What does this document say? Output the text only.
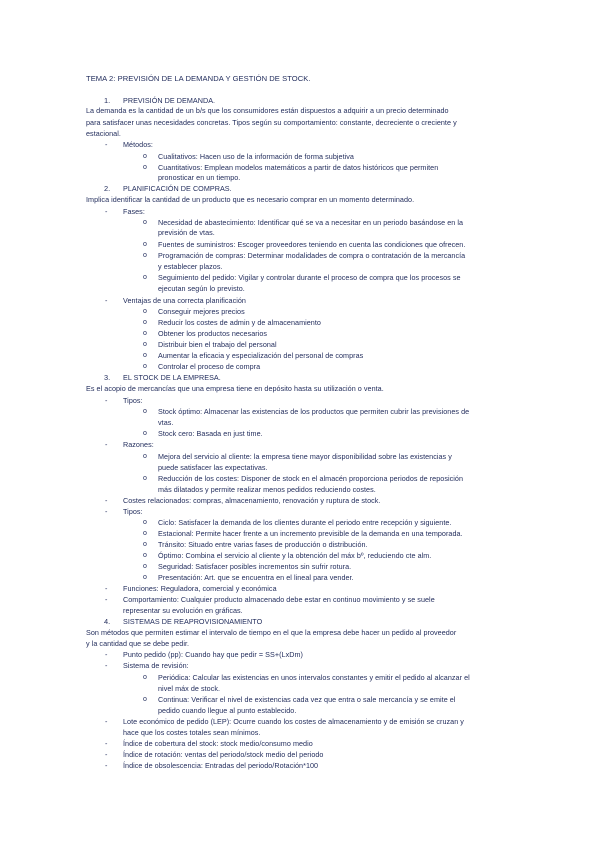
TEMA 2: PREVISIÓN DE LA DEMANDA Y GESTIÓN DE STOCK.
1. PREVISIÓN DE DEMANDA.
La demanda es la cantidad de un b/s que los consumidores están dispuestos a adquirir a un precio determinado
para satisfacer unas necesidades concretas. Tipos según su comportamiento: constante, decreciente o creciente y
estacional.
- Métodos:
o Cualitativos: Hacen uso de la información de forma subjetiva
o Cuantitativos: Emplean modelos matemáticos a partir de datos históricos que permiten
pronosticar en un tiempo.
2. PLANIFICACIÓN DE COMPRAS.
Implica identificar la cantidad de un producto que es necesario comprar en un momento determinado.
- Fases:
o Necesidad de abastecimiento: Identificar qué se va a necesitar en un periodo basándose en la
previsión de vtas.
o Fuentes de suministros: Escoger proveedores teniendo en cuenta las condiciones que ofrecen.
o Programación de compras: Determinar modalidades de compra o contratación de la mercancía
y establecer plazos.
o Seguimiento del pedido: Vigilar y controlar durante el proceso de compra que los procesos se
ejecutan según lo previsto.
- Ventajas de una correcta planificación
o Conseguir mejores precios
o Reducir los costes de admin y de almacenamiento
o Obtener los productos necesarios
o Distribuir bien el trabajo del personal
o Aumentar la eficacia y especialización del personal de compras
o Controlar el proceso de compra
3. EL STOCK DE LA EMPRESA.
Es el acopio de mercancías que una empresa tiene en depósito hasta su utilización o venta.
- Tipos:
o Stock óptimo: Almacenar las existencias de los productos que permiten cubrir las previsiones de
vtas.
o Stock cero: Basada en just time.
- Razones:
o Mejora del servicio al cliente: la empresa tiene mayor disponibilidad sobre las existencias y
puede satisfacer las expectativas.
o Reducción de los costes: Disponer de stock en el almacén proporciona periodos de reposición
más dilatados y permite realizar menos pedidos reduciendo costes.
- Costes relacionados: compras, almacenamiento, renovación y ruptura de stock.
- Tipos:
o Ciclo: Satisfacer la demanda de los clientes durante el periodo entre recepción y siguiente.
o Estacional: Permite hacer frente a un incremento previsible de la demanda en una temporada.
o Tránsito: Situado entre varias fases de producción o distribución.
o Óptimo: Combina el servicio al cliente y la obtención del máx bº, reduciendo cte alm.
o Seguridad: Satisfacer posibles incrementos sin sufrir rotura.
o Presentación: Art. que se encuentra en el lineal para vender.
- Funciones: Reguladora, comercial y económica
- Comportamiento: Cualquier producto almacenado debe estar en continuo movimiento y se suele
representar su evolución en gráficas.
4. SISTEMAS DE REAPROVISIONAMIENTO
Son métodos que permiten estimar el intervalo de tiempo en el que la empresa debe hacer un pedido al proveedor
y la cantidad que se debe pedir.
- Punto pedido (pp): Cuando hay que pedir = SS+(LxDm)
- Sistema de revisión:
o Periódica: Calcular las existencias en unos intervalos constantes y emitir el pedido al alcanzar el
nivel máx de stock.
o Continua: Verificar el nivel de existencias cada vez que entra o sale mercancía y se emite el
pedido cuando llegue al punto establecido.
- Lote económico de pedido (LEP): Ocurre cuando los costes de almacenamiento y de emisión se cruzan y
hace que los costes totales sean mínimos.
- Índice de cobertura del stock: stock medio/consumo medio
- Índice de rotación: ventas del periodo/stock medio del periodo
- Índice de obsolescencia: Entradas del periodo/Rotación*100
